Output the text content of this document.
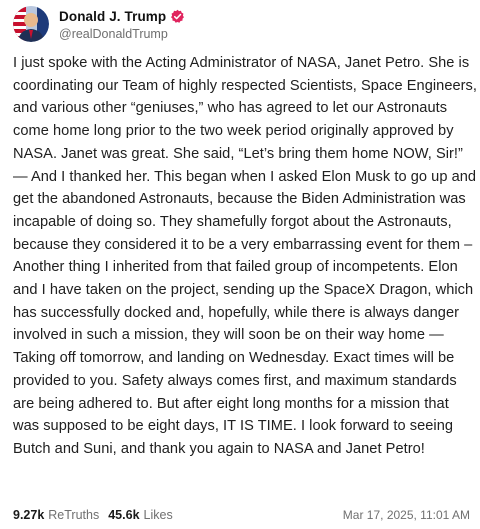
Donald J. Trump
@realDonaldTrump
I just spoke with the Acting Administrator of NASA, Janet Petro. She is coordinating our Team of highly respected Scientists, Space Engineers, and various other “geniuses,” who has agreed to let our Astronauts come home long prior to the two week period originally approved by NASA. Janet was great. She said, “Let’s bring them home NOW, Sir!” — And I thanked her. This began when I asked Elon Musk to go up and get the abandoned Astronauts, because the Biden Administration was incapable of doing so. They shamefully forgot about the Astronauts, because they considered it to be a very embarrassing event for them – Another thing I inherited from that failed group of incompetents. Elon and I have taken on the project, sending up the SpaceX Dragon, which has successfully docked and, hopefully, while there is always danger involved in such a mission, they will soon be on their way home — Taking off tomorrow, and landing on Wednesday. Exact times will be provided to you. Safety always comes first, and maximum standards are being adhered to. But after eight long months for a mission that was supposed to be eight days, IT IS TIME. I look forward to seeing Butch and Suni, and thank you again to NASA and Janet Petro!
9.27k ReTruths 45.6k Likes	Mar 17, 2025, 11:01 AM
